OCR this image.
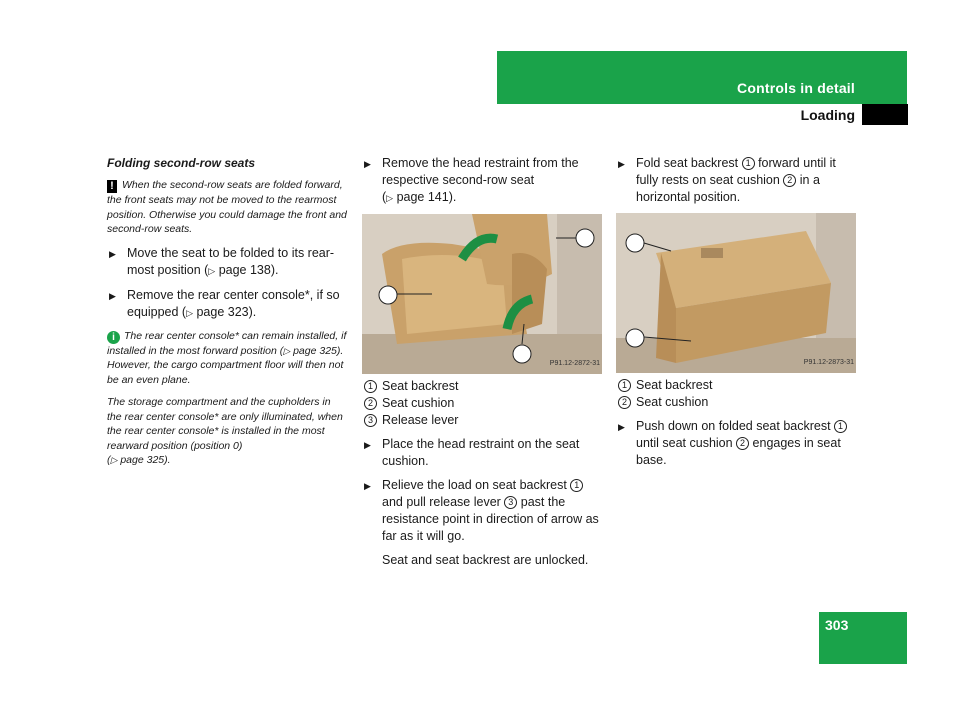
Controls in detail
Loading
Folding second-row seats
! When the second-row seats are folded forward, the front seats may not be moved to the rearmost position. Otherwise you could damage the front and second-row seats.
▶ Move the seat to be folded to its rear-most position (▷ page 138).
▶ Remove the rear center console*, if so equipped (▷ page 323).
i The rear center console* can remain installed, if installed in the most forward position (▷ page 325). However, the cargo compartment floor will then not be an even plane.
The storage compartment and the cupholders in the rear center console* are only illuminated, when the rear center console* is installed in the most rearward position (position 0)
(▷ page 325).
▶ Remove the head restraint from the respective second-row seat
(▷ page 141).
P91.12-2872-31
1 Seat backrest
2 Seat cushion
3 Release lever
▶ Place the head restraint on the seat cushion.
▶ Relieve the load on seat backrest 1 and pull release lever 3 past the resistance point in direction of arrow as far as it will go.
Seat and seat backrest are unlocked.
▶ Fold seat backrest 1 forward until it fully rests on seat cushion 2 in a horizontal position.
P91.12-2873-31
1 Seat backrest
2 Seat cushion
▶ Push down on folded seat backrest 1 until seat cushion 2 engages in seat base.
303
